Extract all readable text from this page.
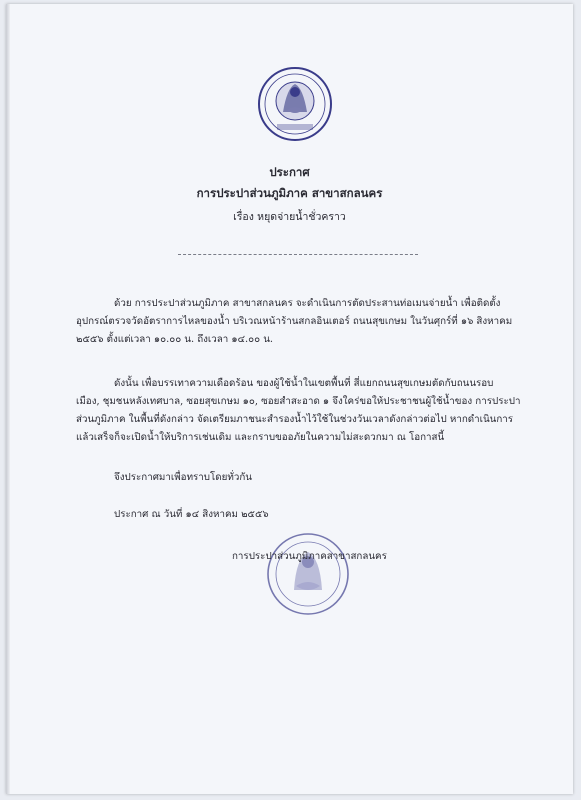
ประกาศ
การประปาส่วนภูมิภาค สาขาสกลนคร
เรื่อง หยุดจ่ายน้ำชั่วคราว
ด้วย การประปาส่วนภูมิภาค สาขาสกลนคร จะดำเนินการตัดประสานท่อเมนจ่ายน้ำ เพื่อติดตั้ง
อุปกรณ์ตรวจวัดอัตราการไหลของน้ำ บริเวณหน้าร้านสกลอินเตอร์ ถนนสุขเกษม ในวันศุกร์ที่ ๑๖ สิงหาคม
๒๕๕๖ ตั้งแต่เวลา ๑๐.๐๐ น. ถึงเวลา ๑๔.๐๐ น.
ดังนั้น เพื่อบรรเทาความเดือดร้อน ของผู้ใช้น้ำในเขตพื้นที่ สี่แยกถนนสุขเกษมตัดกับถนนรอบ
เมือง, ชุมชนหลังเทศบาล, ซอยสุขเกษม ๑๐, ซอยสำสะอาด ๑ จึงใคร่ขอให้ประชาชนผู้ใช้น้ำของ การประปา
ส่วนภูมิภาค ในพื้นที่ดังกล่าว จัดเตรียมภาชนะสำรองน้ำไว้ใช้ในช่วงวันเวลาดังกล่าวต่อไป หากดำเนินการ
แล้วเสร็จก็จะเปิดน้ำให้บริการเช่นเดิม และกราบขออภัยในความไม่สะดวกมา ณ โอกาสนี้
จึงประกาศมาเพื่อทราบโดยทั่วกัน
ประกาศ ณ วันที่ ๑๔ สิงหาคม ๒๕๕๖
การประปาส่วนภูมิภาคสาขาสกลนคร
